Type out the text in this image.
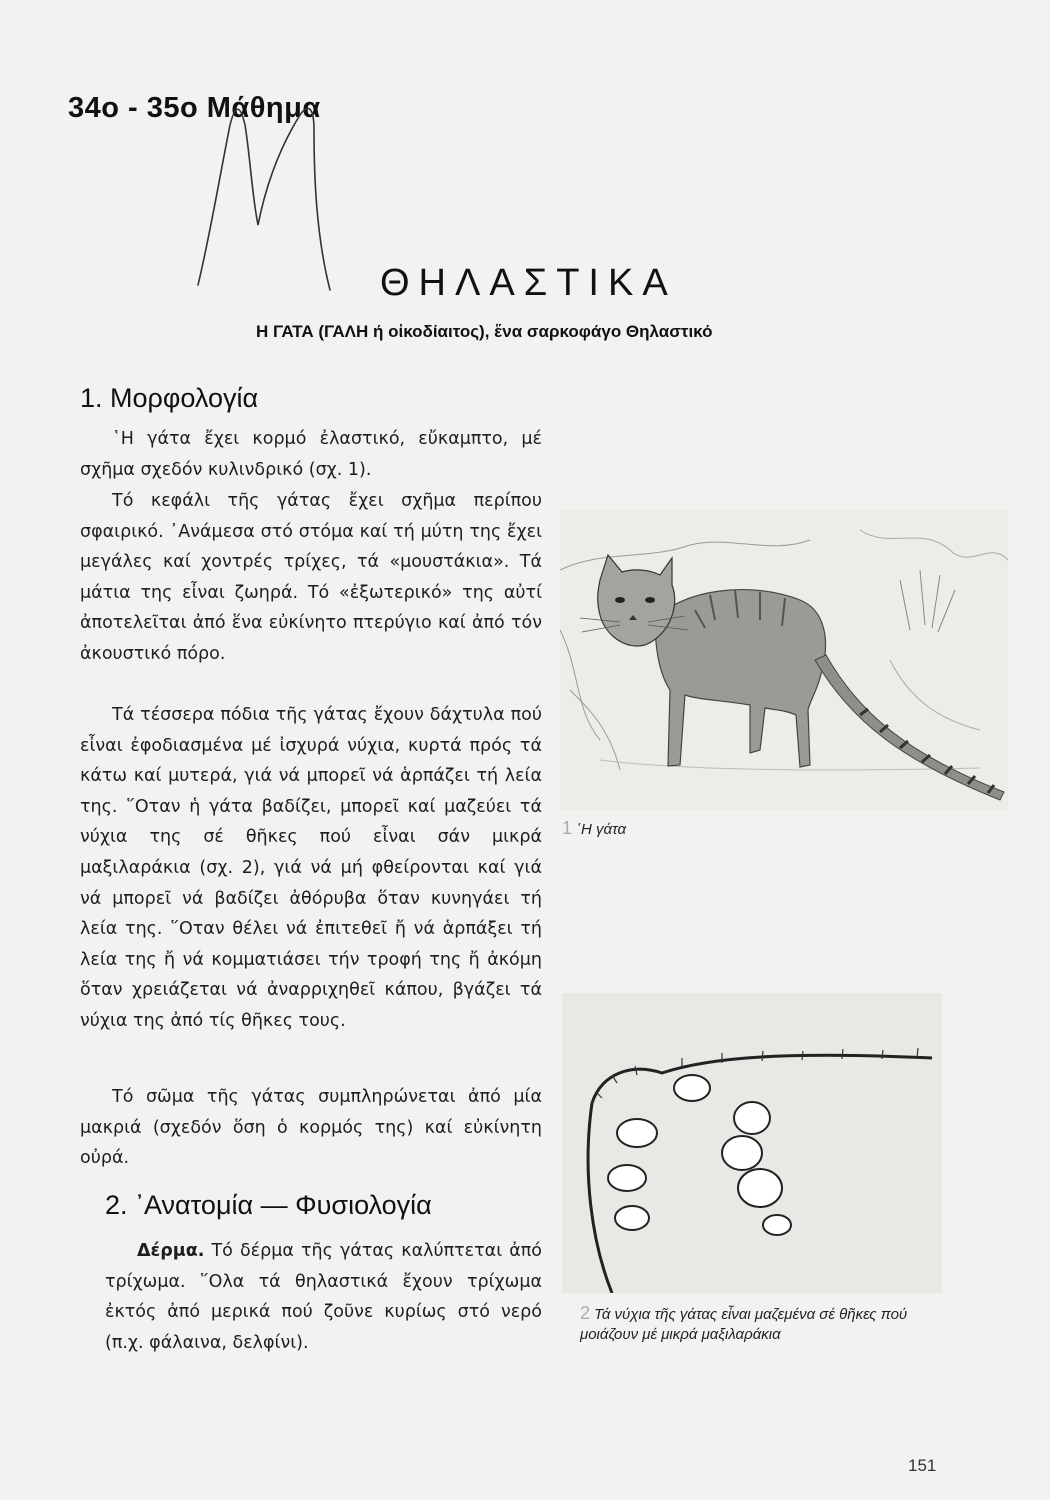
34ο - 35ο Μάθημα
ΘΗΛΑΣΤΙΚΑ
Η ΓΑΤΑ (ΓΑΛΗ ή οἰκοδίαιτος), ἕνα σαρκοφάγο Θηλαστικό
1. Μορφολογία

῾Η γάτα ἔχει κορμό ἐλαστικό, εὔκαμπτο, μέ σχῆμα σχεδόν κυλινδρικό (σχ. 1).

Τό κεφάλι τῆς γάτας ἔχει σχῆμα περίπου σφαιρικό. ᾿Ανάμεσα στό στόμα καί τή μύτη της ἔχει μεγάλες καί χοντρές τρίχες, τά «μουστάκια». Τά μάτια της εἶναι ζωηρά. Τό «ἐξωτερικό» της αὐτί ἀποτελεῖται ἀπό ἕνα εὐκίνητο πτερύγιο καί ἀπό τόν ἀκουστικό πόρο.

Τά τέσσερα πόδια τῆς γάτας ἔχουν δάχτυλα πού εἶναι ἐφοδιασμένα μέ ἰσχυρά νύχια, κυρτά πρός τά κάτω καί μυτερά, γιά νά μπορεῖ νά ἁρπάζει τή λεία της. ῞Οταν ἡ γάτα βαδίζει, μπορεῖ καί μαζεύει τά νύχια της σέ θῆκες πού εἶναι σάν μικρά μαξιλαράκια (σχ. 2), γιά νά μή φθείρονται καί γιά νά μπορεῖ νά βαδίζει ἀθόρυβα ὅταν κυνηγάει τή λεία της. ῞Οταν θέλει νά ἐπιτεθεῖ ἤ νά ἁρπάξει τή λεία της ἤ νά κομματιάσει τήν τροφή της ἤ ἀκόμη ὅταν χρειάζεται νά ἀναρριχηθεῖ κάπου, βγάζει τά νύχια της ἀπό τίς θῆκες τους.

Τό σῶμα τῆς γάτας συμπληρώνεται ἀπό μία μακριά (σχεδόν ὅση ὁ κορμός της) καί εὐκίνητη οὐρά.

2. ᾿Ανατομία — Φυσιολογία

Δέρμα. Τό δέρμα τῆς γάτας καλύπτεται ἀπό τρίχωμα. ῞Ολα τά θηλαστικά ἔχουν τρίχωμα ἐκτός ἀπό μερικά πού ζοῦνε κυρίως στό νερό (π.χ. φάλαινα, δελφίνι).

1 ῾Η γάτα
2 Τά νύχια τῆς γάτας εἶναι μαζεμένα σέ θῆκες πού μοιάζουν μέ μικρά μαξιλαράκια
151
